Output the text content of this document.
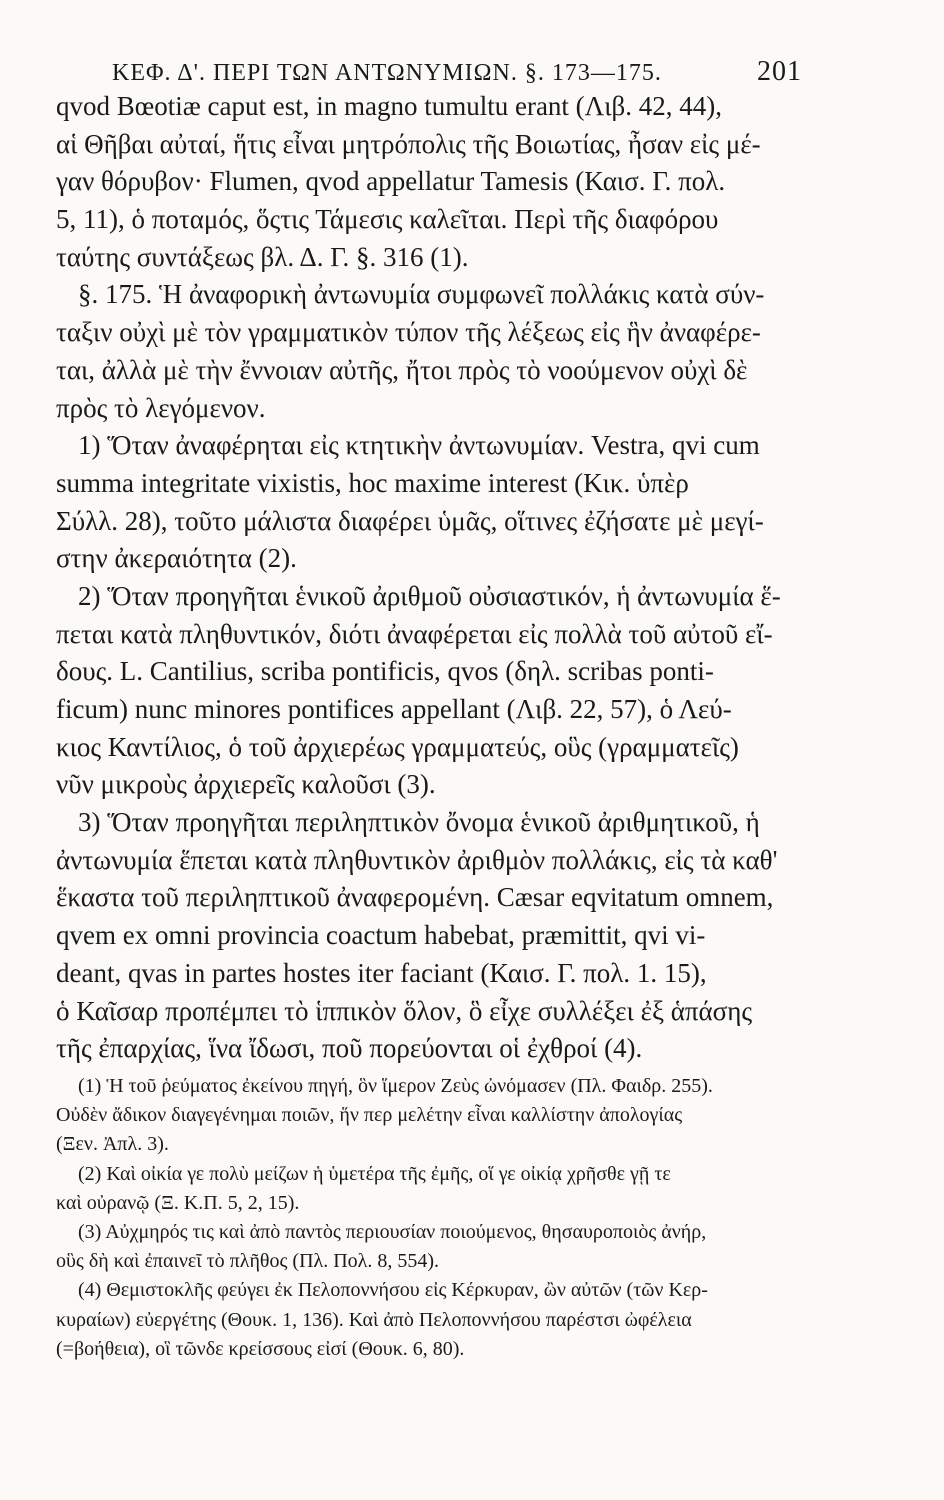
ΚΕΦ. Δ'. ΠΕΡΙ ΤΩΝ ΑΝΤΩΝΥΜΙΩΝ. §. 173—175.	201
qvod Bœotiæ caput est, in magno tumultu erant (Λιβ. 42, 44),
αἱ Θῆβαι αὐταί, ἥτις εἶναι μητρόπολις τῆς Βοιωτίας, ἦσαν εἰς μέ-
γαν θόρυβον· Flumen, qvod appellatur Tamesis (Καισ. Γ. πολ.
5, 11), ὁ ποταμός, ὅςτις Τάμεσις καλεῖται. Περὶ τῆς διαφόρου
ταύτης συντάξεως βλ. Δ. Γ. §. 316 (1).
§. 175. Ἡ ἀναφορικὴ ἀντωνυμία συμφωνεῖ πολλάκις κατὰ σύν-
ταξιν οὐχὶ μὲ τὸν γραμματικὸν τύπον τῆς λέξεως εἰς ἣν ἀναφέρε-
ται, ἀλλὰ μὲ τὴν ἔννοιαν αὐτῆς, ἤτοι πρὸς τὸ νοούμενον οὐχὶ δὲ
πρὸς τὸ λεγόμενον.
1) Ὅταν ἀναφέρηται εἰς κτητικὴν ἀντωνυμίαν. Vestra, qvi cum
summa integritate vixistis, hoc maxime interest (Κικ. ὑπὲρ
Σύλλ. 28), τοῦτο μάλιστα διαφέρει ὑμᾶς, οἵτινες ἐζήσατε μὲ μεγί-
στην ἀκεραιότητα (2).
2) Ὅταν προηγῆται ἑνικοῦ ἀριθμοῦ οὐσιαστικόν, ἡ ἀντωνυμία ἕ-
πεται κατὰ πληθυντικόν, διότι ἀναφέρεται εἰς πολλὰ τοῦ αὐτοῦ εἴ-
δους. L. Cantilius, scriba pontificis, qvos (δηλ. scribas ponti-
ficum) nunc minores pontifices appellant (Λιβ. 22, 57), ὁ Λεύ-
κιος Καντίλιος, ὁ τοῦ ἀρχιερέως γραμματεύς, οὓς (γραμματεῖς)
νῦν μικροὺς ἀρχιερεῖς καλοῦσι (3).
3) Ὅταν προηγῆται περιληπτικὸν ὄνομα ἑνικοῦ ἀριθμητικοῦ, ἡ
ἀντωνυμία ἕπεται κατὰ πληθυντικὸν ἀριθμὸν πολλάκις, εἰς τὰ καθ'
ἕκαστα τοῦ περιληπτικοῦ ἀναφερομένη. Cæsar eqvitatum omnem,
qvem ex omni provincia coactum habebat, præmittit, qvi vi-
deant, qvas in partes hostes iter faciant (Καισ. Γ. πολ. 1. 15),
ὁ Καῖσαρ προπέμπει τὸ ἱππικὸν ὅλον, ὃ εἶχε συλλέξει ἐξ ἁπάσης
τῆς ἐπαρχίας, ἵνα ἴδωσι, ποῦ πορεύονται οἱ ἐχθροί (4).
(1) Ἡ τοῦ ῥεύματος ἐκείνου πηγή, ὃν ἵμερον Ζεὺς ὠνόμασεν (Πλ. Φαιδρ. 255).
Οὐδὲν ἄδικον διαγεγένημαι ποιῶν, ἥν περ μελέτην εἶναι καλλίστην ἀπολογίας
(Ξεν. Ἀπλ. 3).
(2) Καὶ οἰκία γε πολὺ μείζων ἡ ὑμετέρα τῆς ἐμῆς, οἵ γε οἰκίᾳ χρῆσθε γῇ τε
καὶ οὐρανῷ (Ξ. Κ.Π. 5, 2, 15).
(3) Αὐχμηρός τις καὶ ἀπὸ παντὸς περιουσίαν ποιούμενος, θησαυροποιὸς ἀνήρ,
οὓς δὴ καὶ ἐπαινεῖ τὸ πλῆθος (Πλ. Πολ. 8, 554).
(4) Θεμιστοκλῆς φεύγει ἐκ Πελοποννήσου εἰς Κέρκυραν, ὢν αὐτῶν (τῶν Κερ-
κυραίων) εὐεργέτης (Θουκ. 1, 136). Καὶ ἀπὸ Πελοποννήσου παρέστσι ὠφέλεια
(=βοήθεια), οἳ τῶνδε κρείσσους εἰσί (Θουκ. 6, 80).
